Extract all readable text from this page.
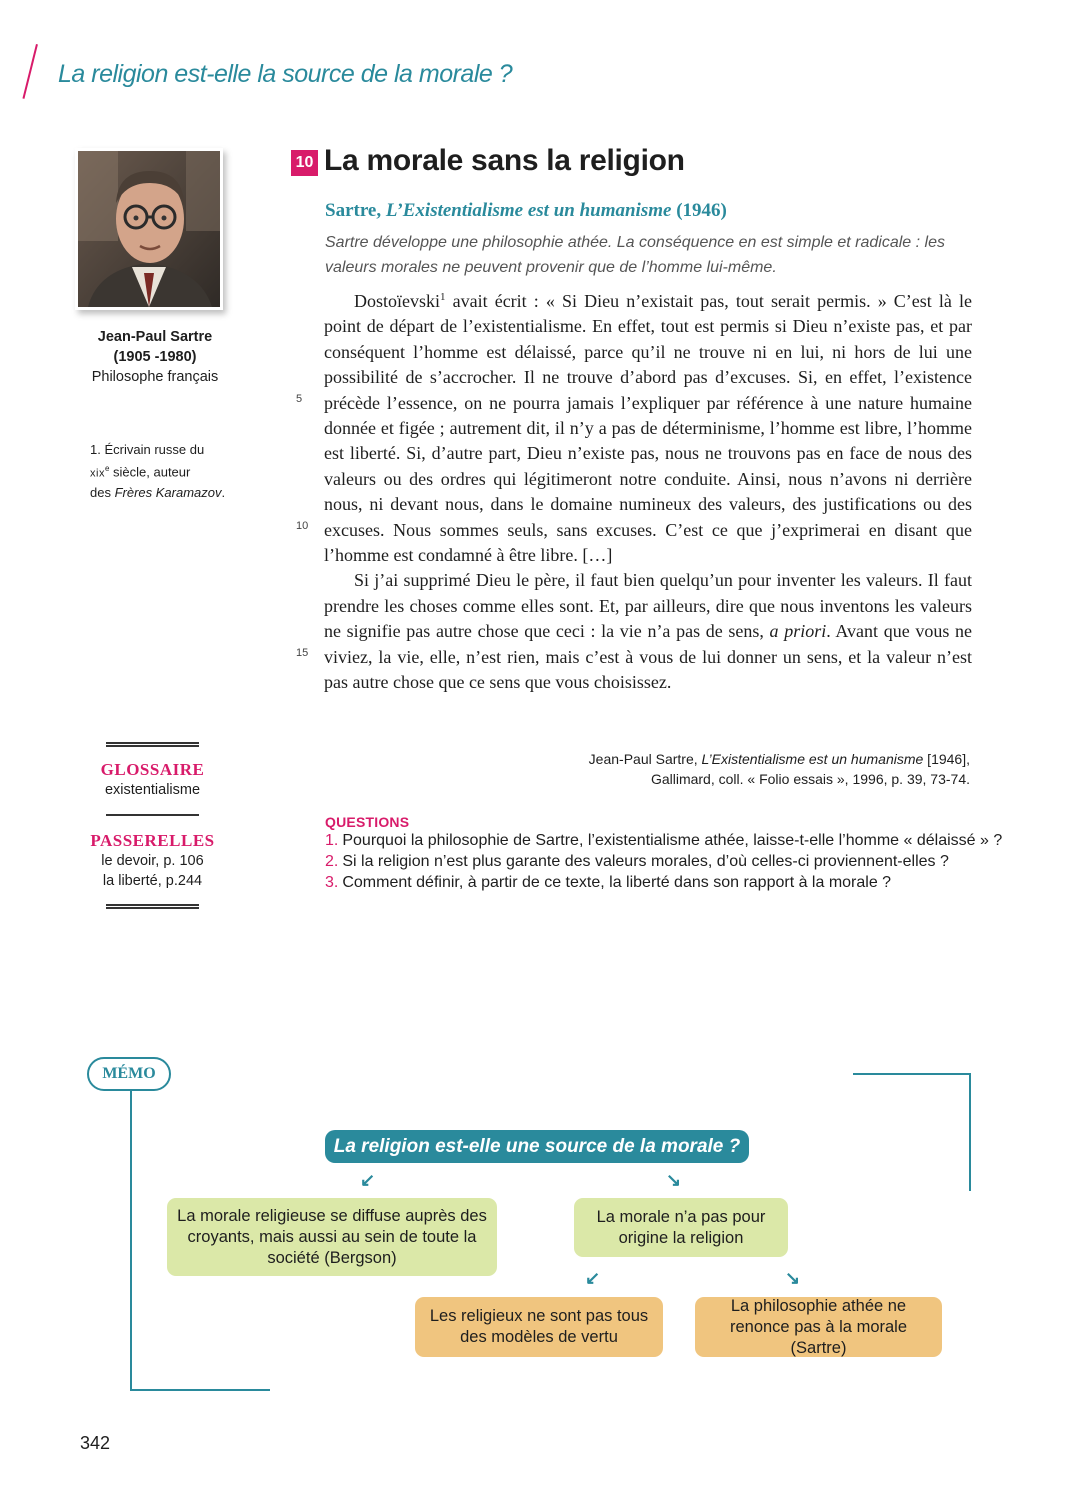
La religion est-elle la source de la morale ?
Jean-Paul Sartre
(1905 -1980)
Philosophe français
1. Écrivain russe du
xix$^e$ siècle, auteur
des Frères Karamazov.
GLOSSAIRE
existentialisme
PASSERELLES
le devoir, p. 106
la liberté, p.244
10 La morale sans la religion
Sartre, L’Existentialisme est un humanisme (1946)
Sartre développe une philosophie athée. La conséquence en est simple et radicale : les valeurs morales ne peuvent provenir que de l’homme lui-même.

Dostoïevski$^1$ avait écrit : « Si Dieu n’existait pas, tout serait permis. » C’est là le point de départ de l’existentialisme. En effet, tout est permis si Dieu n’existe pas, et par conséquent l’homme est délaissé, parce qu’il ne trouve ni en lui, ni hors de lui une possibilité de s’accrocher. Il ne trouve d’abord pas d’excuses. Si, en effet, l’existence précède l’essence, on ne pourra jamais l’expliquer par référence à une nature humaine donnée et figée ; autrement dit, il n’y a pas de déterminisme, l’homme est libre, l’homme est liberté. Si, d’autre part, Dieu n’existe pas, nous ne trouvons pas en face de nous des valeurs ou des ordres qui légitimeront notre conduite. Ainsi, nous n’avons ni derrière nous, ni devant nous, dans le domaine numineux des valeurs, des justifications ou des excuses. Nous sommes seuls, sans excuses. C’est ce que j’exprimerai en disant que l’homme est condamné à être libre. […]

Si j’ai supprimé Dieu le père, il faut bien quelqu’un pour inventer les valeurs. Il faut prendre les choses comme elles sont. Et, par ailleurs, dire que nous inventons les valeurs ne signifie pas autre chose que ceci : la vie n’a pas de sens, a priori. Avant que vous ne viviez, la vie, elle, n’est rien, mais c’est à vous de lui donner un sens, et la valeur n’est pas autre chose que ce sens que vous choisissez.

5
10
15
Jean-Paul Sartre, L’Existentialisme est un humanisme [1946],
Gallimard, coll. « Folio essais », 1996, p. 39, 73-74.
QUESTIONS
1. Pourquoi la philosophie de Sartre, l’existentialisme athée, laisse-t-elle l’homme « délaissé » ?
2. Si la religion n’est plus garante des valeurs morales, d’où celles-ci proviennent-elles ?
3. Comment définir, à partir de ce texte, la liberté dans son rapport à la morale ?
MÉMO
La religion est-elle une source de la morale ?
↙	↘
La morale religieuse se diffuse auprès des croyants, mais aussi au sein de toute la société (Bergson)
La morale n’a pas pour origine la religion
↙	↘
Les religieux ne sont pas tous des modèles de vertu
La philosophie athée ne renonce pas à la morale (Sartre)
342
